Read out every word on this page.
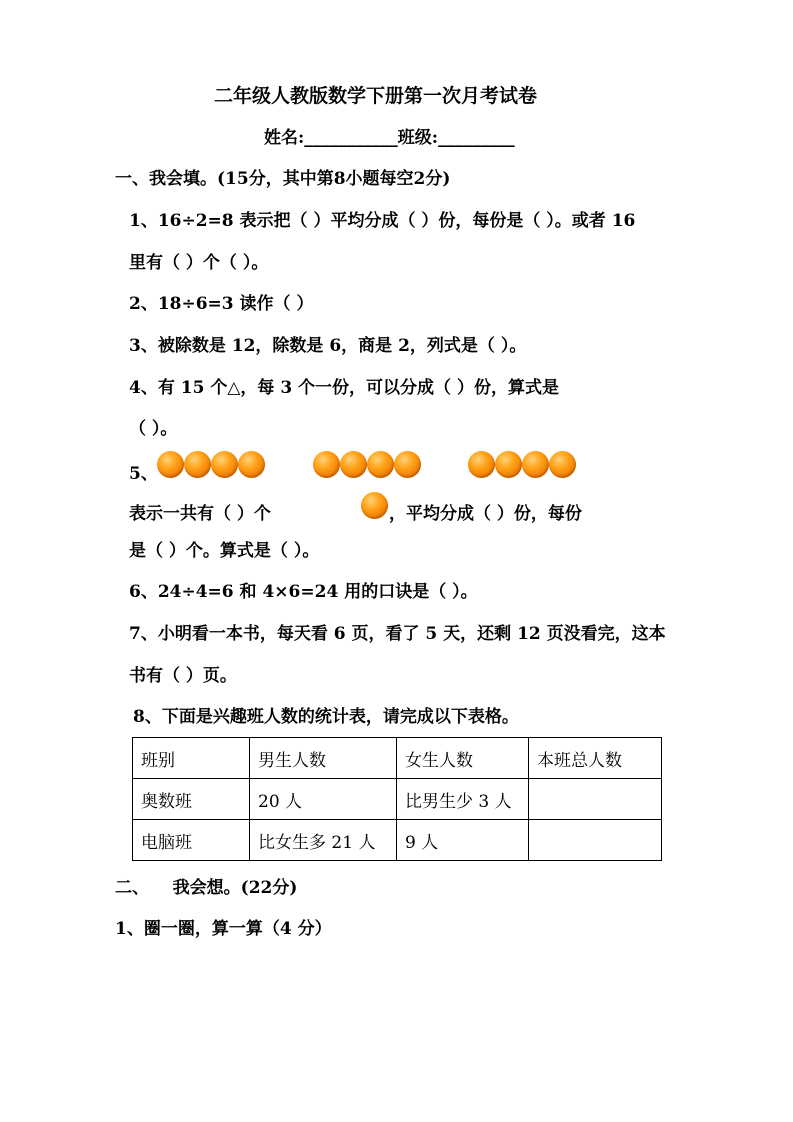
二年级人教版数学下册第一次月考试卷
姓名:___________班级:_________
一、我会填。(15分，其中第8小题每空2分)
1、16÷2=8 表示把（ ）平均分成（ ）份，每份是（ ）。或者 16
里有（ ）个（ ）。
2、18÷6=3 读作（ ）
3、被除数是 12，除数是 6，商是 2，列式是（ ）。
4、有 15 个△，每 3 个一份，可以分成（ ）份，算式是
（ ）。
5、
表示一共有（ ）个	，平均分成（ ）份，每份
是（ ）个。算式是（ ）。
6、24÷4=6 和 4×6=24 用的口诀是（ ）。
7、小明看一本书，每天看 6 页，看了 5 天，还剩 12 页没看完，这本
书有（ ）页。
8、下面是兴趣班人数的统计表，请完成以下表格。
班别	男生人数	女生人数	本班总人数
奥数班	20 人	比男生少 3 人	
电脑班	比女生多 21 人	9 人	
二、    我会想。(22分)
1、圈一圈，算一算（4 分）
